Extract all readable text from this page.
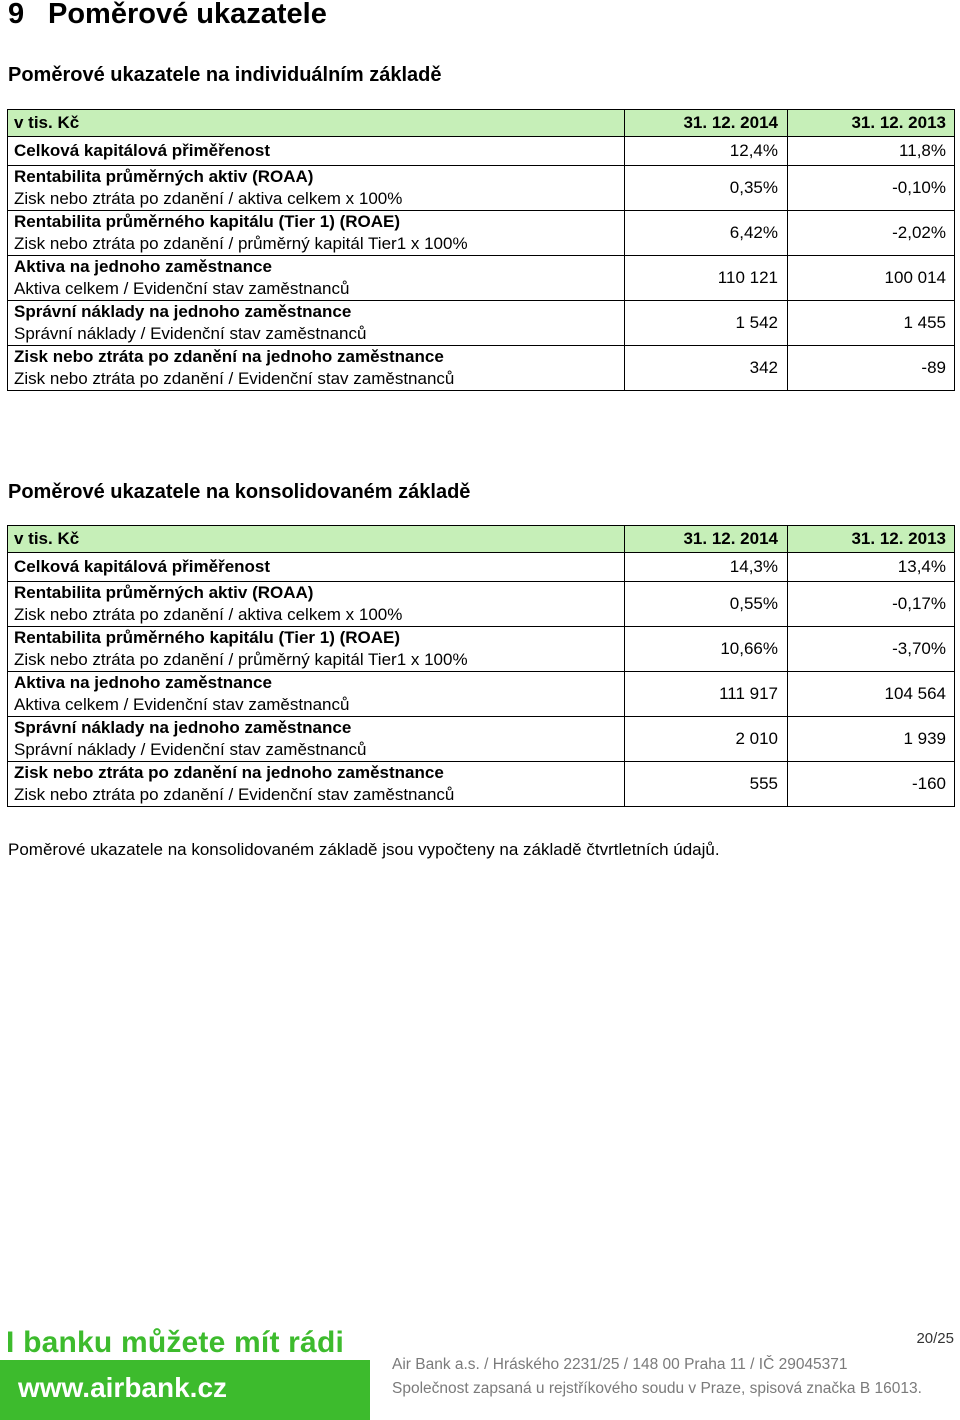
9 Poměrové ukazatele
Poměrové ukazatele na individuálním základě
v tis. Kč	31. 12. 2014	31. 12. 2013

Celková kapitálová přiměřenost	12,4%	11,8%

Rentabilita průměrných aktiv (ROAA)
Zisk nebo ztráta po zdanění / aktiva celkem x 100%	0,35%	-0,10%

Rentabilita průměrného kapitálu (Tier 1) (ROAE)
Zisk nebo ztráta po zdanění / průměrný kapitál Tier1 x 100%	6,42%	-2,02%

Aktiva na jednoho zaměstnance
Aktiva celkem / Evidenční stav zaměstnanců	110 121	100 014

Správní náklady na jednoho zaměstnance
Správní náklady / Evidenční stav zaměstnanců	1 542	1 455

Zisk nebo ztráta po zdanění na jednoho zaměstnance
Zisk nebo ztráta po zdanění / Evidenční stav zaměstnanců	342	-89
Poměrové ukazatele na konsolidovaném základě
v tis. Kč	31. 12. 2014	31. 12. 2013

Celková kapitálová přiměřenost	14,3%	13,4%

Rentabilita průměrných aktiv (ROAA)
Zisk nebo ztráta po zdanění / aktiva celkem x 100%	0,55%	-0,17%

Rentabilita průměrného kapitálu (Tier 1) (ROAE)
Zisk nebo ztráta po zdanění / průměrný kapitál Tier1 x 100%	10,66%	-3,70%

Aktiva na jednoho zaměstnance
Aktiva celkem / Evidenční stav zaměstnanců	111 917	104 564

Správní náklady na jednoho zaměstnance
Správní náklady / Evidenční stav zaměstnanců	2 010	1 939

Zisk nebo ztráta po zdanění na jednoho zaměstnance
Zisk nebo ztráta po zdanění / Evidenční stav zaměstnanců	555	-160

Poměrové ukazatele na konsolidovaném základě jsou vypočteny na základě čtvrtletních údajů.

I banku můžete mít rádi
www.airbank.cz
20/25
Air Bank a.s. / Hráského 2231/25 / 148 00 Praha 11 / IČ 29045371
Společnost zapsaná u rejstříkového soudu v Praze, spisová značka B 16013.
